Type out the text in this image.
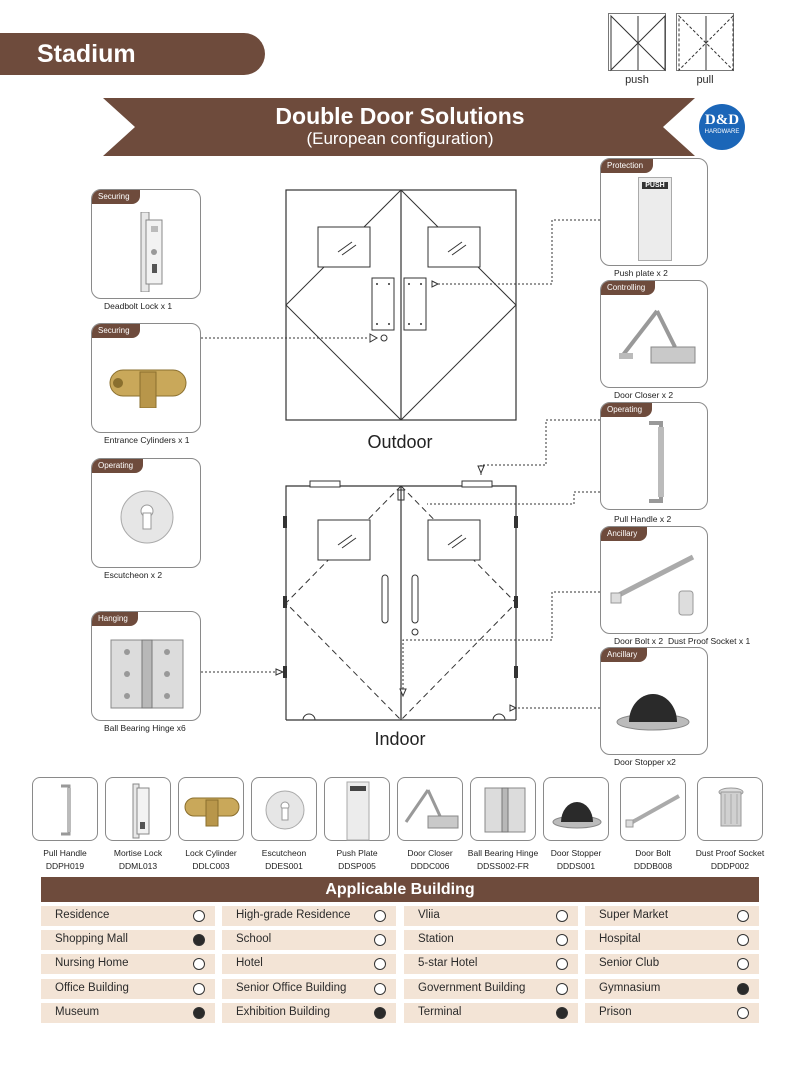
Stadium
push	pull
Double Door Solutions
(European configuration)
D&D
HARDWARE
Outdoor
Indoor
Securing
Deadbolt Lock x 1
Securing
Entrance Cylinders x 1
Operating
Escutcheon x 2
Hanging
Ball Bearing Hinge x6
Protection
PUSH
Push plate x 2
Controlling
Door Closer x 2
Operating
Pull Handle x 2
Ancillary
Door Bolt x 2 Dust Proof Socket x 1
Ancillary
Door Stopper x2
Pull Handle
DDPH019
Mortise Lock
DDML013
Lock Cylinder
DDLC003
Escutcheon
DDES001
Push Plate
DDSP005
Door Closer
DDDC006
Ball Bearing Hinge
DDSS002-FR
Door Stopper
DDDS001
Door Bolt
DDDB008
Dust Proof Socket
DDDP002
Applicable Building
Residence	High-grade Residence	Vliia	Super Market
Shopping Mall	School	Station	Hospital
Nursing Home	Hotel	5-star Hotel	Senior Club
Office Building	Senior Office Building	Government Building	Gymnasium
Museum	Exhibition Building	Terminal	Prison
